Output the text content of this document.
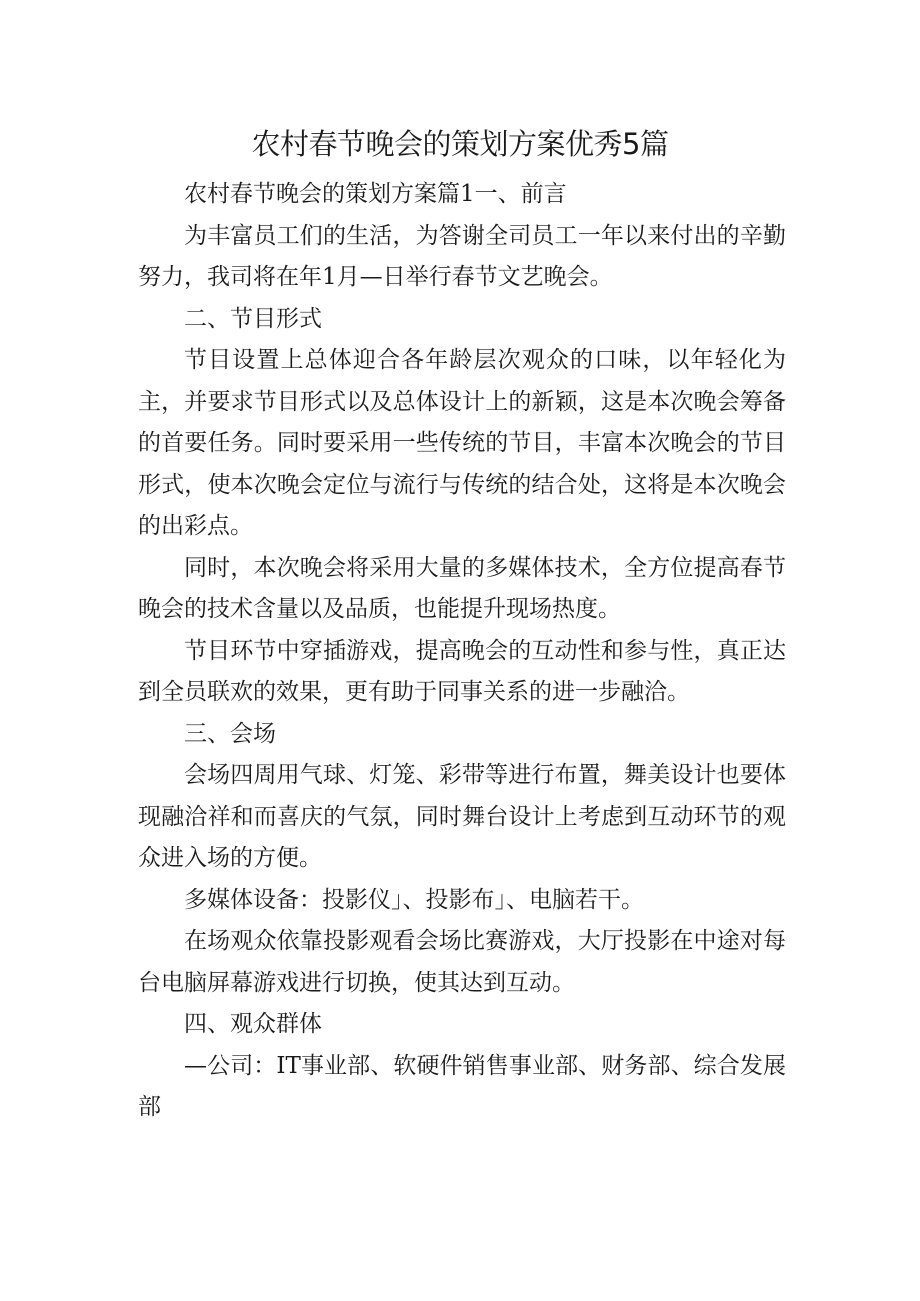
农村春节晚会的策划方案优秀5篇

农村春节晚会的策划方案篇1一、前言

为丰富员工们的生活，为答谢全司员工一年以来付出的辛勤努力，我司将在年1月—日举行春节文艺晚会。

二、节目形式

节目设置上总体迎合各年龄层次观众的口味，以年轻化为主，并要求节目形式以及总体设计上的新颖，这是本次晚会筹备的首要任务。同时要采用一些传统的节目，丰富本次晚会的节目形式，使本次晚会定位与流行与传统的结合处，这将是本次晚会的出彩点。

同时，本次晚会将采用大量的多媒体技术，全方位提高春节晚会的技术含量以及品质，也能提升现场热度。

节目环节中穿插游戏，提高晚会的互动性和参与性，真正达到全员联欢的效果，更有助于同事关系的进一步融洽。

三、会场

会场四周用气球、灯笼、彩带等进行布置，舞美设计也要体现融洽祥和而喜庆的气氛，同时舞台设计上考虑到互动环节的观众进入场的方便。

多媒体设备：投影仪」、投影布」、电脑若干。

在场观众依靠投影观看会场比赛游戏，大厅投影在中途对每台电脑屏幕游戏进行切换，使其达到互动。

四、观众群体

—公司：IT事业部、软硬件销售事业部、财务部、综合发展部
